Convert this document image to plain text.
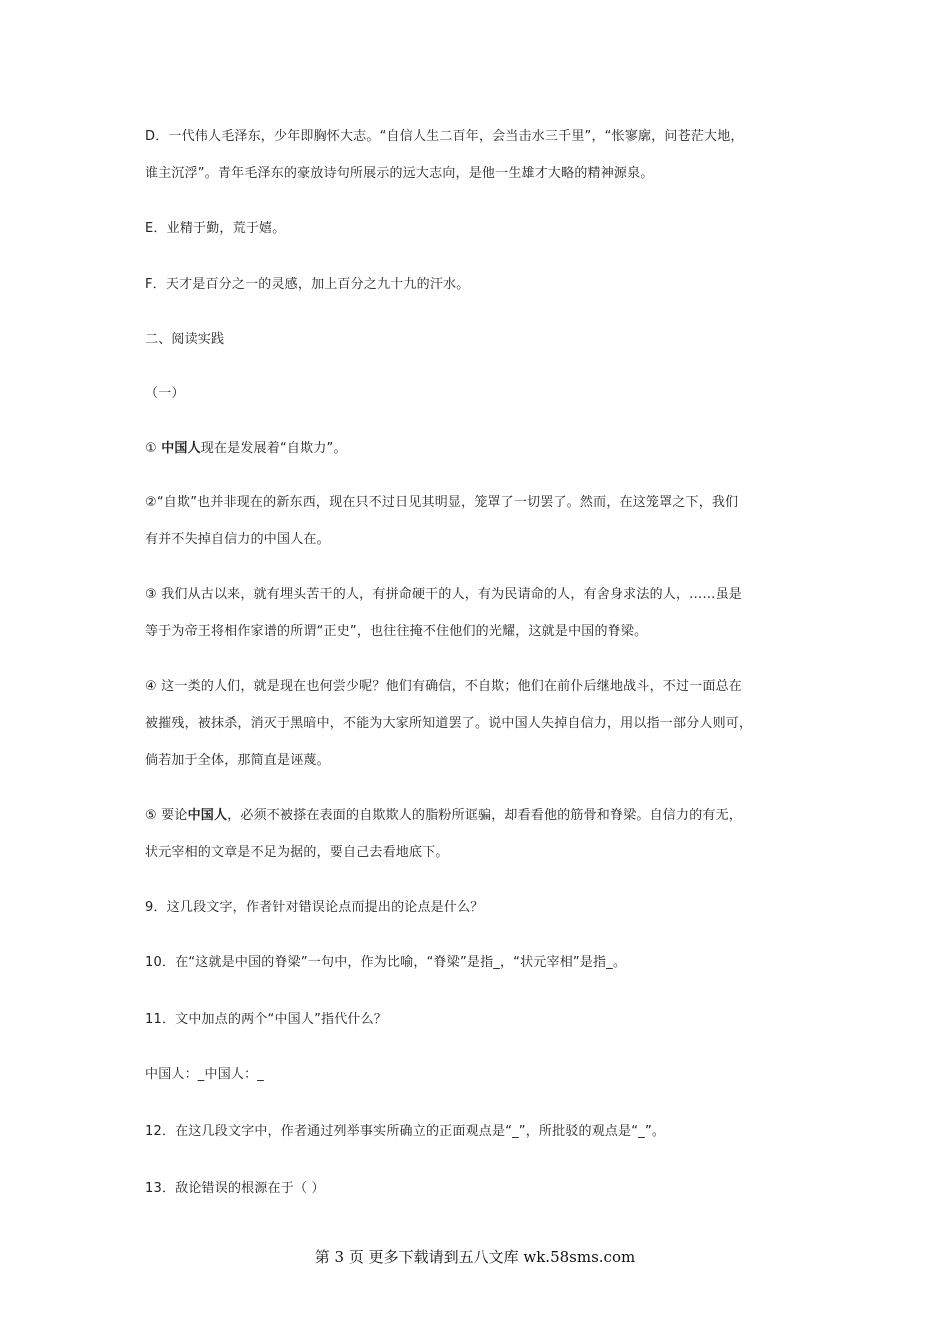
D．一代伟人毛泽东，少年即胸怀大志。“自信人生二百年，会当击水三千里”，“怅寥廓，问苍茫大地，
谁主沉浮”。青年毛泽东的豪放诗句所展示的远大志向，是他一生雄才大略的精神源泉。
E．业精于勤，荒于嬉。
F．天才是百分之一的灵感，加上百分之九十九的汗水。
二、阅读实践
（一）
① 中国人现在是发展着“自欺力”。
②“自欺”也并非现在的新东西，现在只不过日见其明显，笼罩了一切罢了。然而，在这笼罩之下，我们
有并不失掉自信力的中国人在。
③ 我们从古以来，就有埋头苦干的人，有拼命硬干的人，有为民请命的人，有舍身求法的人，……虽是
等于为帝王将相作家谱的所谓“正史”，也往往掩不住他们的光耀，这就是中国的脊梁。
④ 这一类的人们，就是现在也何尝少呢？他们有确信，不自欺；他们在前仆后继地战斗，不过一面总在
被摧残，被抹杀，消灭于黑暗中，不能为大家所知道罢了。说中国人失掉自信力，用以指一部分人则可，
倘若加于全体，那简直是诬蔑。
⑤ 要论中国人，必须不被搽在表面的自欺欺人的脂粉所诓骗，却看看他的筋骨和脊梁。自信力的有无，
状元宰相的文章是不足为据的，要自己去看地底下。
9．这几段文字，作者针对错误论点而提出的论点是什么？
10．在“这就是中国的脊梁”一句中，作为比喻，“脊梁”是指_，“状元宰相”是指_。
11．文中加点的两个“中国人”指代什么？
中国人：_中国人：_
12．在这几段文字中，作者通过列举事实所确立的正面观点是“_”，所批驳的观点是“_”。
13．敌论错误的根源在于（ ）
第 3 页 更多下载请到五八文库 wk.58sms.com
